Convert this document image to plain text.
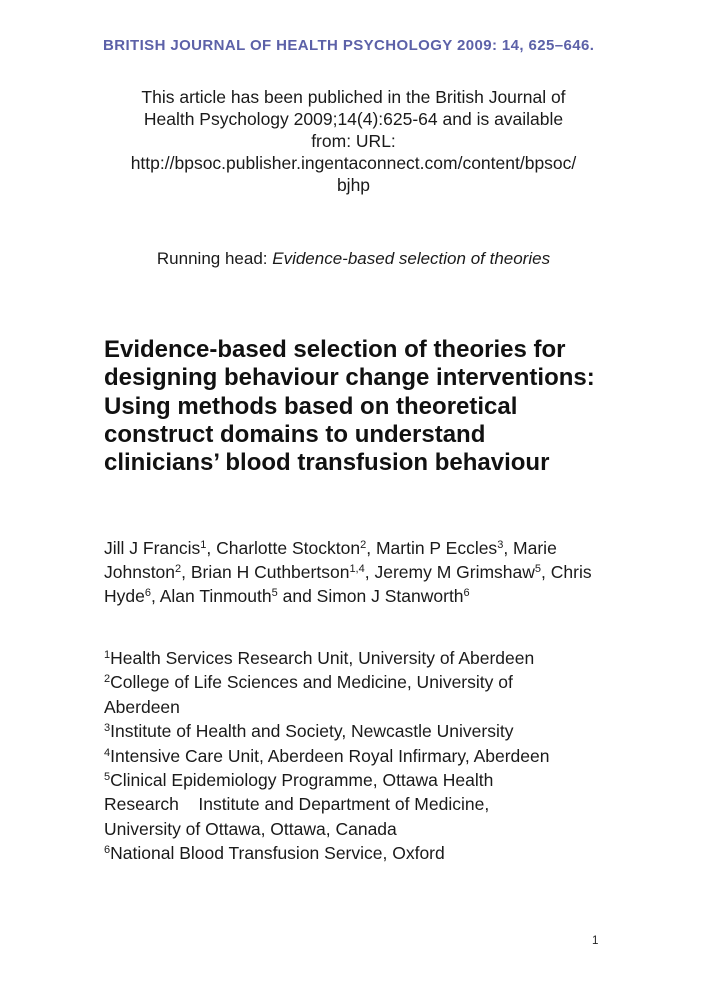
BRITISH JOURNAL OF HEALTH PSYCHOLOGY 2009: 14, 625–646.
This article has been publiched in the British Journal of
Health Psychology 2009;14(4):625-64 and is available
from: URL:
http://bpsoc.publisher.ingentaconnect.com/content/bpsoc/
bjhp
Running head: Evidence-based selection of theories
Evidence-based selection of theories for
designing behaviour change interventions:
Using methods based on theoretical
construct domains to understand
clinicians’ blood transfusion behaviour

Jill J Francis$^1$, Charlotte Stockton$^2$, Martin P Eccles$^3$, Marie Johnston$^2$, Brian H Cuthbertson$^{1,4}$, Jeremy M Grimshaw$^5$, Chris Hyde$^6$, Alan Tinmouth$^5$ and Simon J Stanworth$^6$

$^1$Health Services Research Unit, University of Aberdeen
$^2$College of Life Sciences and Medicine, University of
Aberdeen
$^3$Institute of Health and Society, Newcastle University
$^4$Intensive Care Unit, Aberdeen Royal Infirmary, Aberdeen
$^5$Clinical Epidemiology Programme, Ottawa Health
Research    Institute and Department of Medicine,
University of Ottawa, Ottawa, Canada
$^6$National Blood Transfusion Service, Oxford
1
